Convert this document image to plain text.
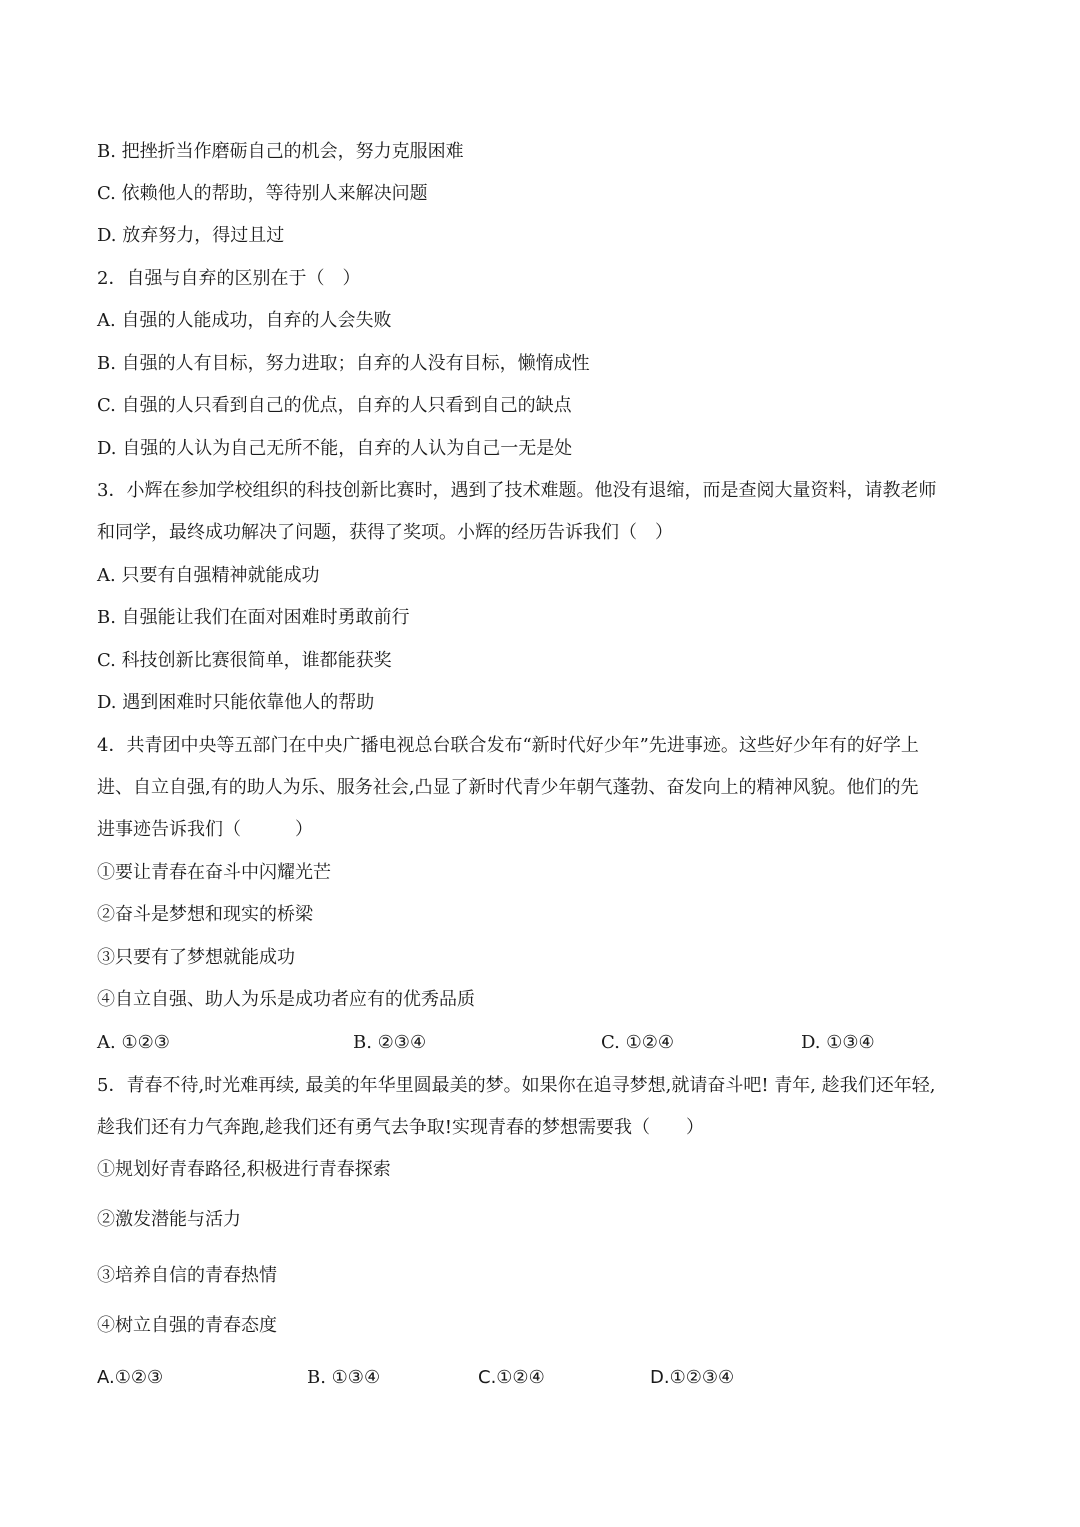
B. 把挫折当作磨砺自己的机会，努力克服困难
C. 依赖他人的帮助，等待别人来解决问题
D. 放弃努力，得过且过
2．自强与自弃的区别在于（　）
A. 自强的人能成功，自弃的人会失败
B. 自强的人有目标，努力进取；自弃的人没有目标，懒惰成性
C. 自强的人只看到自己的优点，自弃的人只看到自己的缺点
D. 自强的人认为自己无所不能，自弃的人认为自己一无是处
3．小辉在参加学校组织的科技创新比赛时，遇到了技术难题。他没有退缩，而是查阅大量资料，请教老师
和同学，最终成功解决了问题，获得了奖项。小辉的经历告诉我们（　）
A. 只要有自强精神就能成功
B. 自强能让我们在面对困难时勇敢前行
C. 科技创新比赛很简单，谁都能获奖
D. 遇到困难时只能依靠他人的帮助
4．共青团中央等五部门在中央广播电视总台联合发布“新时代好少年”先进事迹。这些好少年有的好学上
进、自立自强,有的助人为乐、服务社会,凸显了新时代青少年朝气蓬勃、奋发向上的精神风貌。他们的先
进事迹告诉我们（　　　）
①要让青春在奋斗中闪耀光芒
②奋斗是梦想和现实的桥梁
③只要有了梦想就能成功
④自立自强、助人为乐是成功者应有的优秀品质
A. ①②③	B. ②③④	C. ①②④	D. ①③④
5．青春不待,时光难再续, 最美的年华里圆最美的梦。如果你在追寻梦想,就请奋斗吧! 青年, 趁我们还年轻,
趁我们还有力气奔跑,趁我们还有勇气去争取!实现青春的梦想需要我（　　）
①规划好青春路径,积极进行青春探索
②激发潜能与活力
③培养自信的青春热情
④树立自强的青春态度
A.①②③	B. ①③④	C.①②④	D.①②③④
